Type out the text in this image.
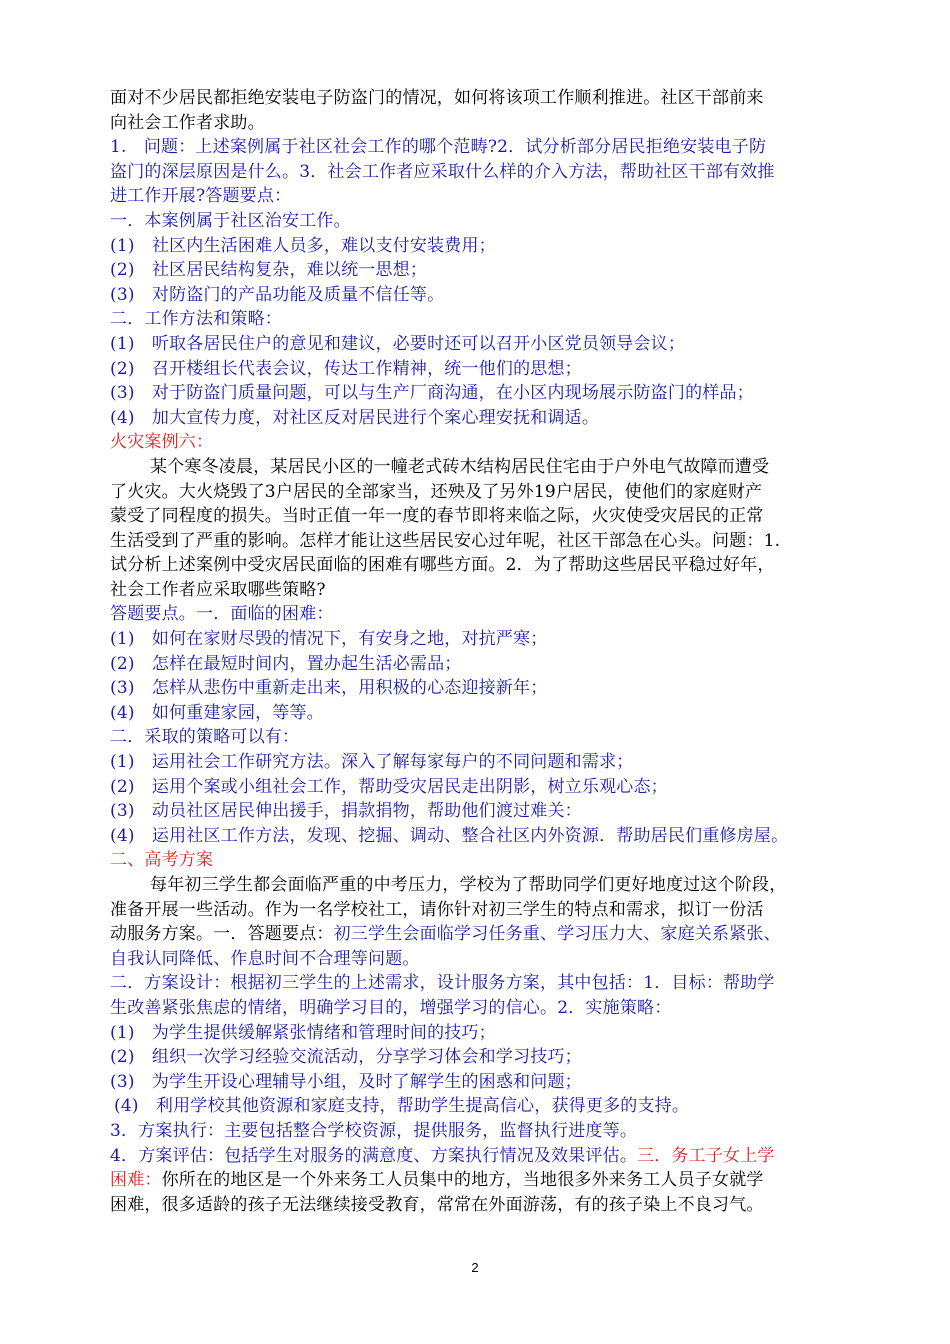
面对不少居民都拒绝安装电子防盗门的情况，如何将该项工作顺利推进。社区干部前来
向社会工作者求助。
1.　问题：上述案例属于社区社会工作的哪个范畴?2．试分析部分居民拒绝安装电子防
盗门的深层原因是什么。3．社会工作者应采取什么样的介入方法，帮助社区干部有效推
进工作开展?答题要点：
一．本案例属于社区治安工作。
(1)　社区内生活困难人员多，难以支付安装费用；
(2)　社区居民结构复杂，难以统一思想；
(3)　对防盗门的产品功能及质量不信任等。
二．工作方法和策略：
(1)　听取各居民住户的意见和建议，必要时还可以召开小区党员领导会议；
(2)　召开楼组长代表会议，传达工作精神，统一他们的思想；
(3)　对于防盗门质量问题，可以与生产厂商沟通，在小区内现场展示防盗门的样品；
(4)　加大宣传力度，对社区反对居民进行个案心理安抚和调适。
火灾案例六：
某个寒冬凌晨，某居民小区的一幢老式砖木结构居民住宅由于户外电气故障而遭受
了火灾。大火烧毁了3户居民的全部家当，还殃及了另外19户居民，使他们的家庭财产
蒙受了同程度的损失。当时正值一年一度的春节即将来临之际，火灾使受灾居民的正常
生活受到了严重的影响。怎样才能让这些居民安心过年呢，社区干部急在心头。问题：1.
试分析上述案例中受灾居民面临的困难有哪些方面。2．为了帮助这些居民平稳过好年，
社会工作者应采取哪些策略?
答题要点。一．面临的困难：
(1)　如何在家财尽毁的情况下，有安身之地，对抗严寒；
(2)　怎样在最短时间内，置办起生活必需品；
(3)　怎样从悲伤中重新走出来，用积极的心态迎接新年；
(4)　如何重建家园，等等。
二．采取的策略可以有：
(1)　运用社会工作研究方法。深入了解每家每户的不同问题和需求；
(2)　运用个案或小组社会工作，帮助受灾居民走出阴影，树立乐观心态；
(3)　动员社区居民伸出援手，捐款捐物，帮助他们渡过难关：
(4)　运用社区工作方法，发现、挖掘、调动、整合社区内外资源．帮助居民们重修房屋。
二、高考方案
每年初三学生都会面临严重的中考压力，学校为了帮助同学们更好地度过这个阶段，
准备开展一些活动。作为一名学校社工，请你针对初三学生的特点和需求，拟订一份活
动服务方案。一．答题要点：初三学生会面临学习任务重、学习压力大、家庭关系紧张、
自我认同降低、作息时间不合理等问题。
二．方案设计：根据初三学生的上述需求，设计服务方案，其中包括：1．目标：帮助学
生改善紧张焦虑的情绪，明确学习目的，增强学习的信心。2．实施策略：
(1)　为学生提供缓解紧张情绪和管理时间的技巧；
(2)　组织一次学习经验交流活动，分享学习体会和学习技巧；
(3)　为学生开设心理辅导小组，及时了解学生的困惑和问题；
(4)　利用学校其他资源和家庭支持，帮助学生提高信心，获得更多的支持。
3．方案执行：主要包括整合学校资源，提供服务，监督执行进度等。
4．方案评估：包括学生对服务的满意度、方案执行情况及效果评估。三．务工子女上学
困难：你所在的地区是一个外来务工人员集中的地方，当地很多外来务工人员子女就学
困难，很多适龄的孩子无法继续接受教育，常常在外面游荡，有的孩子染上不良习气。
2
